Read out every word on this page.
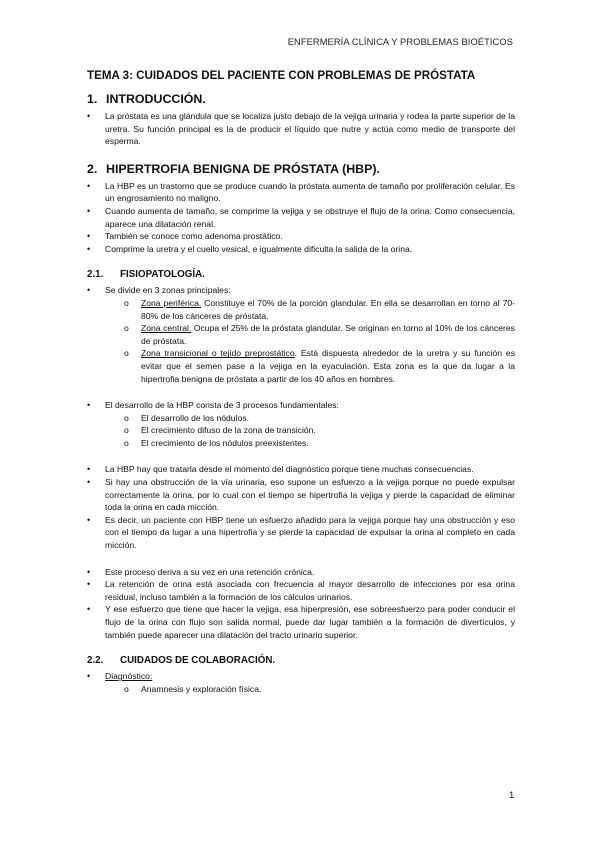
ENFERMERÍA CLÍNICA Y PROBLEMAS BIOÉTICOS
TEMA 3: CUIDADOS DEL PACIENTE CON PROBLEMAS DE PRÓSTATA
1. INTRODUCCIÓN.
• La próstata es una glándula que se localiza justo debajo de la vejiga urinaria y rodea la parte superior de la uretra. Su función principal es la de producir el líquido que nutre y actúa como medio de transporte del esperma.
2. HIPERTROFIA BENIGNA DE PRÓSTATA (HBP).
• La HBP es un trastorno que se produce cuando la próstata aumenta de tamaño por proliferación celular. Es un engrosamiento no maligno.
• Cuando aumenta de tamaño, se comprime la vejiga y se obstruye el flujo de la orina. Como consecuencia, aparece una dilatación renal.
• También se conoce como adenoma prostático.
• Comprime la uretra y el cuello vesical, e igualmente dificulta la salida de la orina.
2.1.	FISIOPATOLOGÍA.
• Se divide en 3 zonas principales:
o Zona periférica. Constituye el 70% de la porción glandular. En ella se desarrollan en torno al 70-80% de los cánceres de próstata.
o Zona central. Ocupa el 25% de la próstata glandular. Se originan en torno al 10% de los cánceres de próstata.
o Zona transicional o tejido preprostático. Está dispuesta alrededor de la uretra y su función es evitar que el semen pase a la vejiga en la eyaculación. Esta zona es la que da lugar a la hipertrofia benigna de próstata a partir de los 40 años en hombres.
• El desarrollo de la HBP consta de 3 procesos fundamentales:
o El desarrollo de los nódulos.
o El crecimiento difuso de la zona de transición.
o El crecimiento de los nódulos preexistentes.
• La HBP hay que tratarla desde el momento del diagnóstico porque tiene muchas consecuencias.
• Si hay una obstrucción de la vía urinaria, eso supone un esfuerzo a la vejiga porque no puede expulsar correctamente la orina, por lo cual con el tiempo se hipertrofia la vejiga y pierde la capacidad de eliminar toda la orina en cada micción.
• Es decir, un paciente con HBP tiene un esfuerzo añadido para la vejiga porque hay una obstrucción y eso con el tiempo da lugar a una hipertrofia y se pierde la capacidad de expulsar la orina al completo en cada micción.
• Este proceso deriva a su vez en una retención crónica.
• La retención de orina está asociada con frecuencia al mayor desarrollo de infecciones por esa orina residual, incluso también a la formación de los cálculos urinarios.
• Y ese esfuerzo que tiene que hacer la vejiga, esa hiperpresión, ese sobreesfuerzo para poder conducir el flujo de la orina con flujo son salida normal, puede dar lugar también a la formación de divertículos, y también puede aparecer una dilatación del tracto urinario superior.
2.2.	CUIDADOS DE COLABORACIÓN.
• Diagnóstico:
o Anamnesis y exploración física.
1
